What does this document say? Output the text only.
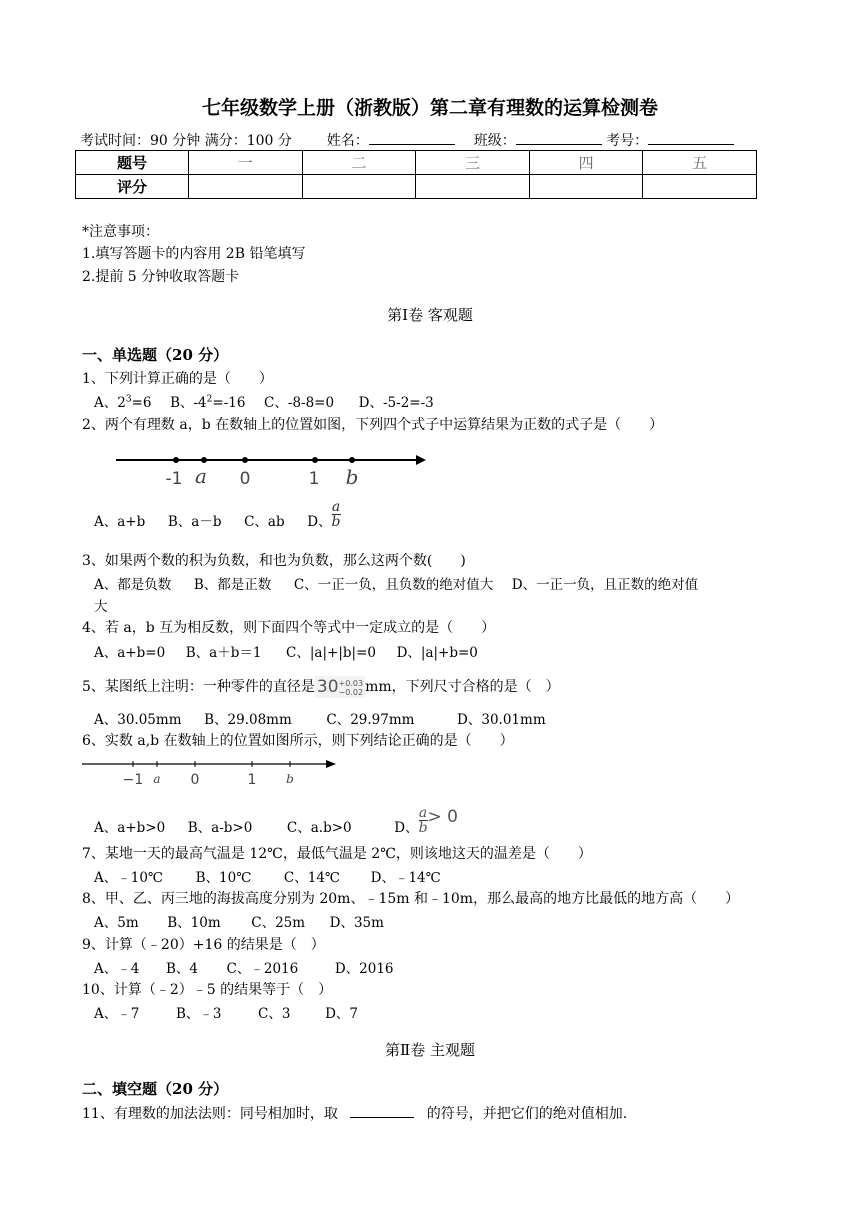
七年级数学上册（浙教版）第二章有理数的运算检测卷
考试时间：90 分钟 满分：100 分 姓名：	班级：	考号：
题号	一	二	三	四	五
评分					
*注意事项：
1.填写答题卡的内容用 2B 铅笔填写
2.提前 5 分钟收取答题卡
第Ⅰ卷 客观题
一、单选题（20 分）
1、下列计算正确的是（　　）
A、$2^3=6$ B、$-4^2=-16$ C、-8-8=0 D、-5-2=-3
2、两个有理数 a，b 在数轴上的位置如图，下列四个式子中运算结果为正数的式子是（　　）
-1 a 0	1 b
A、a+b B、a－b C、ab D、 $\frac{a}{b}$
3、如果两个数的积为负数，和也为负数，那么这两个数(　　)
A、都是负数 B、都是正数 C、一正一负，且负数的绝对值大 D、一正一负，且正数的绝对值
大
4、若 a，b 互为相反数，则下面四个等式中一定成立的是（　　）
A、a+b=0 B、a＋b＝1 C、|a|+|b|=0 D、|a|+b=0
5、某图纸上注明：一种零件的直径是 30 +0.03
−0.02 mm，下列尺寸合格的是（　）
A、30.05mm B、29.08mm	C、29.97mm	D、30.01mm
6、实数 a,b 在数轴上的位置如图所示，则下列结论正确的是（　　）
−1 a 0	1 b
A、a+b>0 B、a-b>0	C、a.b>0	D、 $\frac{a}{b} > 0$
7、某地一天的最高气温是 12℃，最低气温是 2℃，则该地这天的温差是（　　）
A、﹣10℃ B、10℃ C、14℃ D、﹣14℃
8、甲、乙、丙三地的海拔高度分别为 20m、﹣15m 和﹣10m，那么最高的地方比最低的地方高（　　）
A、5m B、10m C、25m D、35m
9、计算（﹣20）+16 的结果是（　）
A、﹣4 B、4 C、﹣2016	D、2016
10、计算（﹣2）﹣5 的结果等于（　）
A、﹣7	B、﹣3	C、3	D、7
第Ⅱ卷 主观题
二、填空题（20 分）
11、有理数的加法法则：同号相加时，取	的符号，并把它们的绝对值相加.
